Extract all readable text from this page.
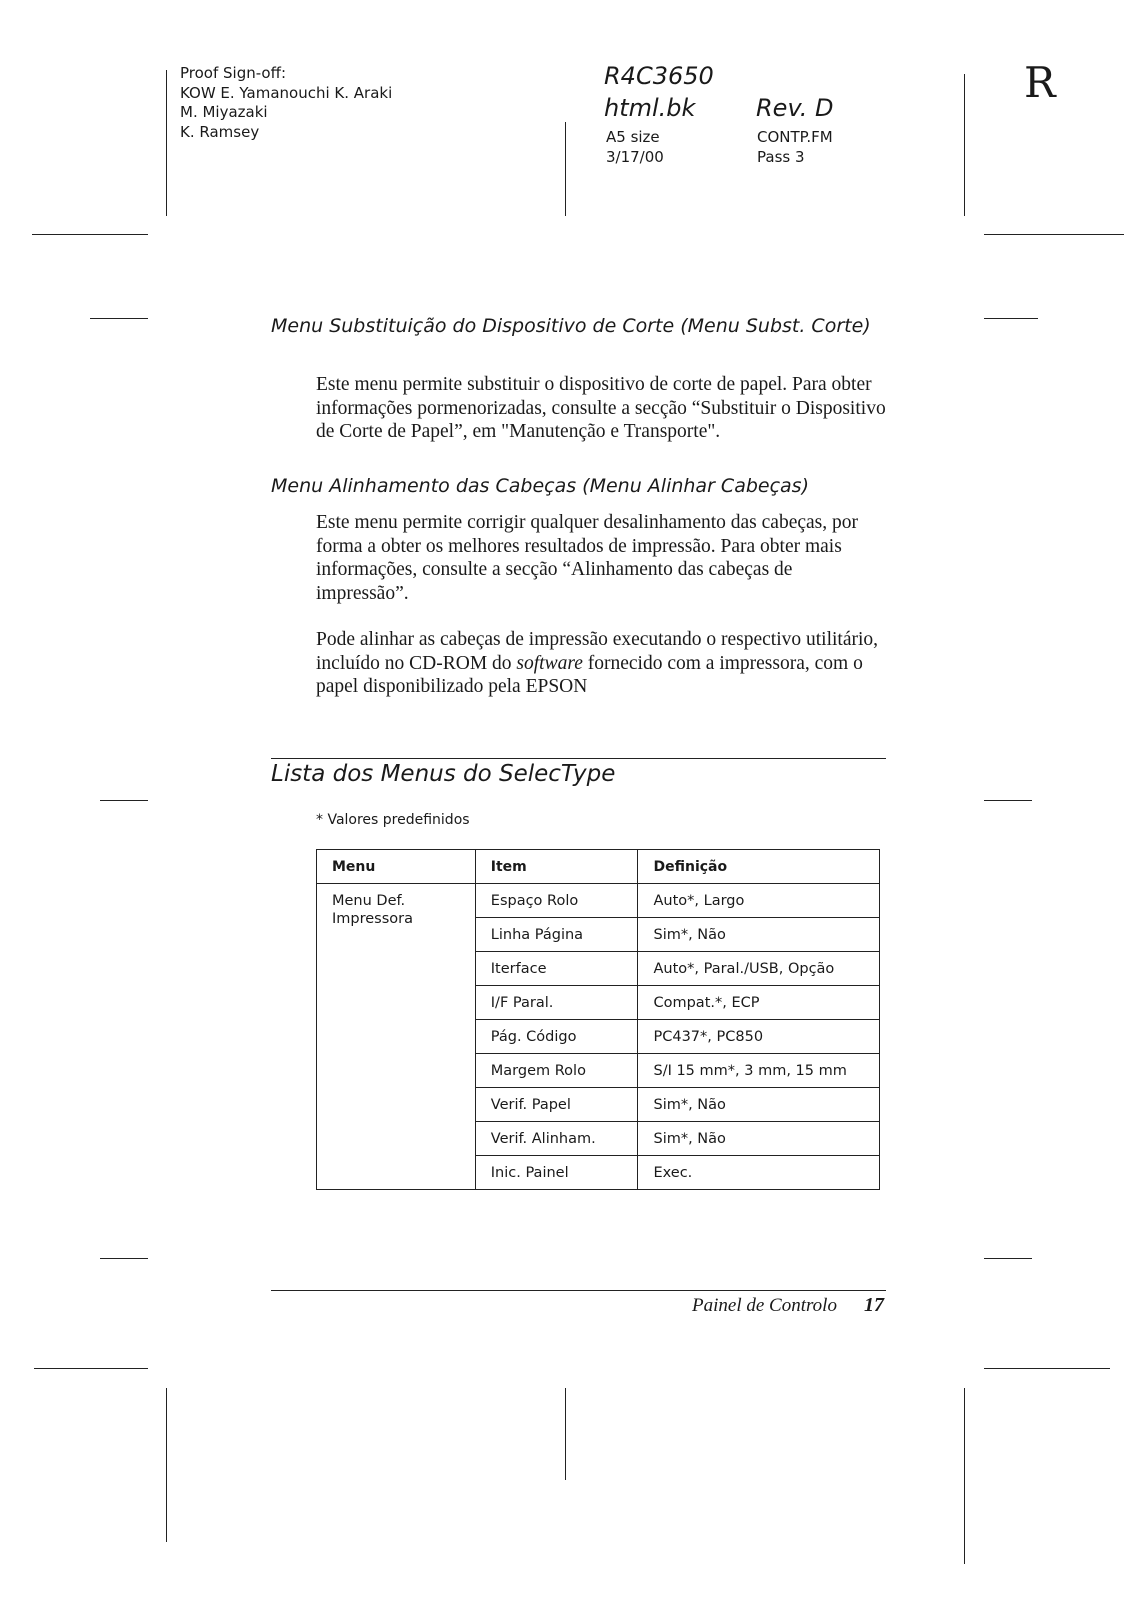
Proof Sign-off:
KOW E. Yamanouchi K. Araki
M. Miyazaki
K. Ramsey
R4C3650
html.bk	Rev. D
A5 size	CONTP.FM
3/17/00	Pass 3
R
Menu Substituição do Dispositivo de Corte (Menu Subst. Corte)
Este menu permite substituir o dispositivo de corte de papel. Para obter informações pormenorizadas, consulte a secção “Substituir o Dispositivo de Corte de Papel”, em "Manutenção e Transporte".
Menu Alinhamento das Cabeças (Menu Alinhar Cabeças)
Este menu permite corrigir qualquer desalinhamento das cabeças, por forma a obter os melhores resultados de impressão. Para obter mais informações, consulte a secção “Alinhamento das cabeças de impressão”.
Pode alinhar as cabeças de impressão executando o respectivo utilitário, incluído no CD-ROM do software fornecido com a impressora, com o papel disponibilizado pela EPSON
Lista dos Menus do SelecType
* Valores predefinidos
Menu	Item	Definição
Menu Def. Impressora	Espaço Rolo	Auto*, Largo
	Linha Página	Sim*, Não
	Iterface	Auto*, Paral./USB, Opção
	I/F Paral.	Compat.*, ECP
	Pág. Código	PC437*, PC850
	Margem Rolo	S/I 15 mm*, 3 mm, 15 mm
	Verif. Papel	Sim*, Não
	Verif. Alinham.	Sim*, Não
	Inic. Painel	Exec.
Painel de Controlo 17
